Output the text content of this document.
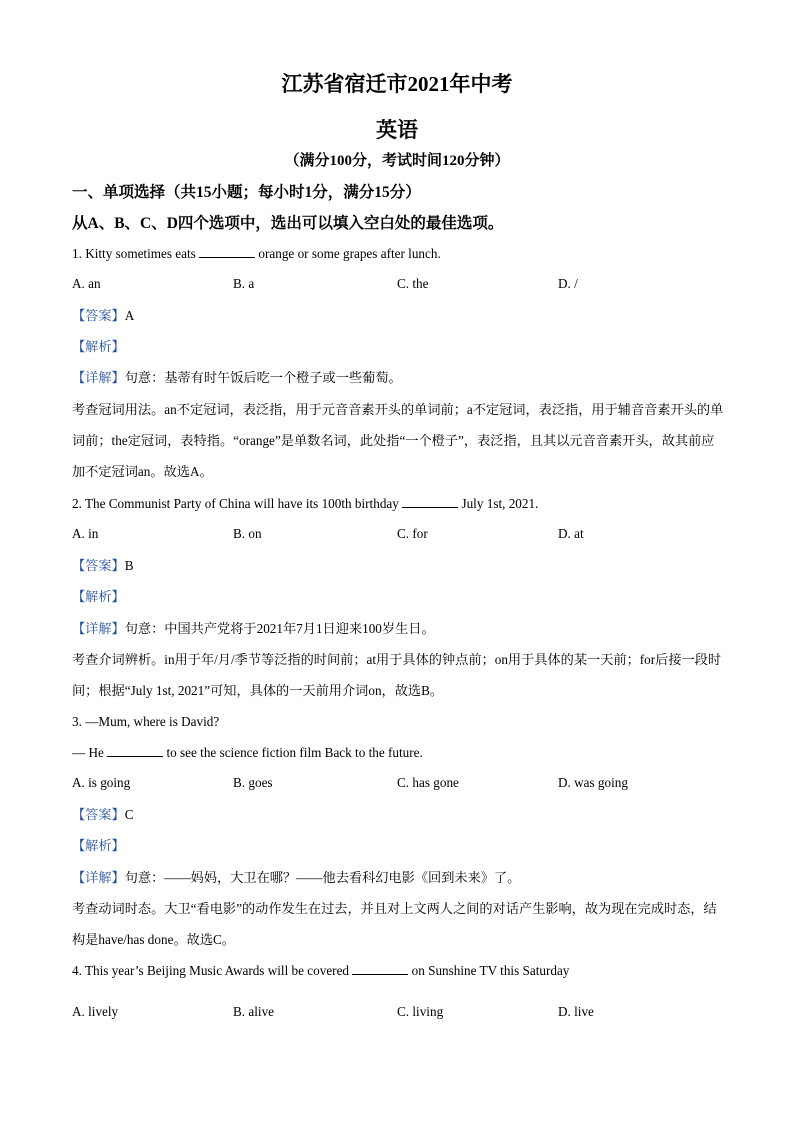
江苏省宿迁市2021年中考
英语
（满分100分，考试时间120分钟）
一、单项选择（共15小题；每小时1分，满分15分）
从A、B、C、D四个选项中，选出可以填入空白处的最佳选项。
1. Kitty sometimes eats	orange or some grapes after lunch.
A. an	B. a	C. the	D. /
【答案】A
【解析】
【详解】句意：基蒂有时午饭后吃一个橙子或一些葡萄。
考查冠词用法。an不定冠词，表泛指，用于元音音素开头的单词前；a不定冠词，表泛指，用于辅音音素开头的单词前；the定冠词，表特指。“orange”是单数名词，此处指“一个橙子”，表泛指，且其以元音音素开头，故其前应加不定冠词an。故选A。
2. The Communist Party of China will have its 100th birthday	July 1st, 2021.
A. in	B. on	C. for	D. at
【答案】B
【解析】
【详解】句意：中国共产党将于2021年7月1日迎来100岁生日。
考查介词辨析。in用于年/月/季节等泛指的时间前；at用于具体的钟点前；on用于具体的某一天前；for后接一段时间；根据“July 1st, 2021”可知，具体的一天前用介词on，故选B。
3. —Mum, where is David?
— He	to see the science fiction film Back to the future.
A. is going	B. goes	C. has gone	D. was going
【答案】C
【解析】
【详解】句意：——妈妈，大卫在哪？——他去看科幻电影《回到未来》了。
考查动词时态。大卫“看电影”的动作发生在过去，并且对上文两人之间的对话产生影响，故为现在完成时态，结构是have/has done。故选C。
4. This year’s Beijing Music Awards will be covered	on Sunshine TV this Saturday
A. lively	B. alive	C. living	D. live
